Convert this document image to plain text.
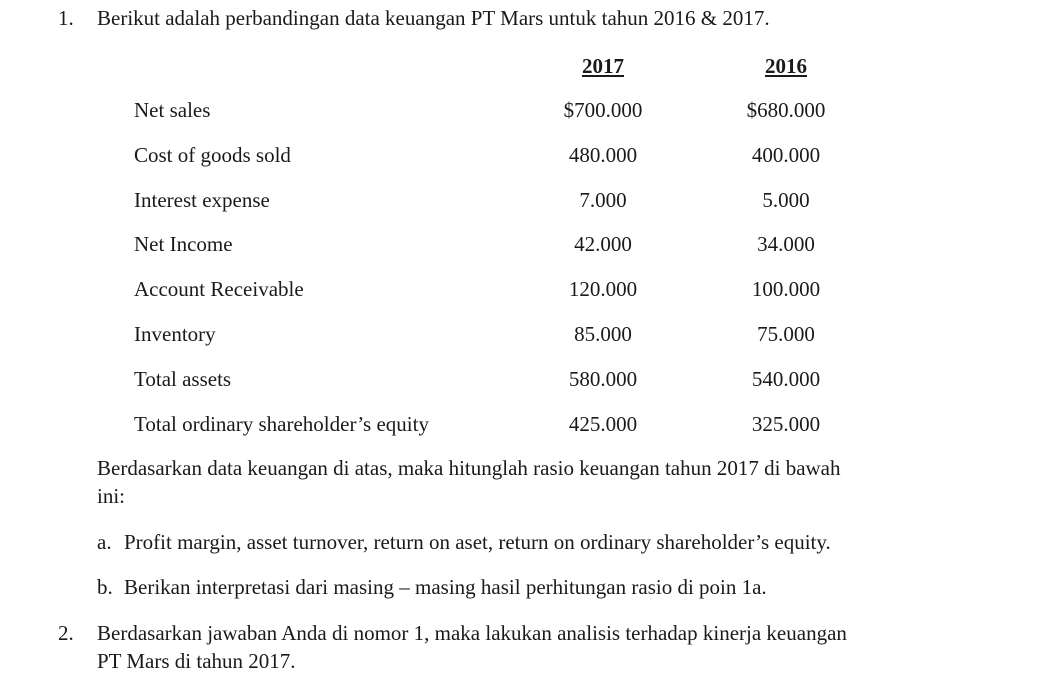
1. Berikut adalah perbandingan data keuangan PT Mars untuk tahun 2016 & 2017.
2017	2016
Net sales	$700.000	$680.000
Cost of goods sold	480.000	400.000
Interest expense	7.000	5.000
Net Income	42.000	34.000
Account Receivable	120.000	100.000
Inventory	85.000	75.000
Total assets	580.000	540.000
Total ordinary shareholder’s equity	425.000	325.000
Berdasarkan data keuangan di atas, maka hitunglah rasio keuangan tahun 2017 di bawah
ini:
a. Profit margin, asset turnover, return on aset, return on ordinary shareholder’s equity.
b. Berikan interpretasi dari masing – masing hasil perhitungan rasio di poin 1a.
2. Berdasarkan jawaban Anda di nomor 1, maka lakukan analisis terhadap kinerja keuangan
PT Mars di tahun 2017.
